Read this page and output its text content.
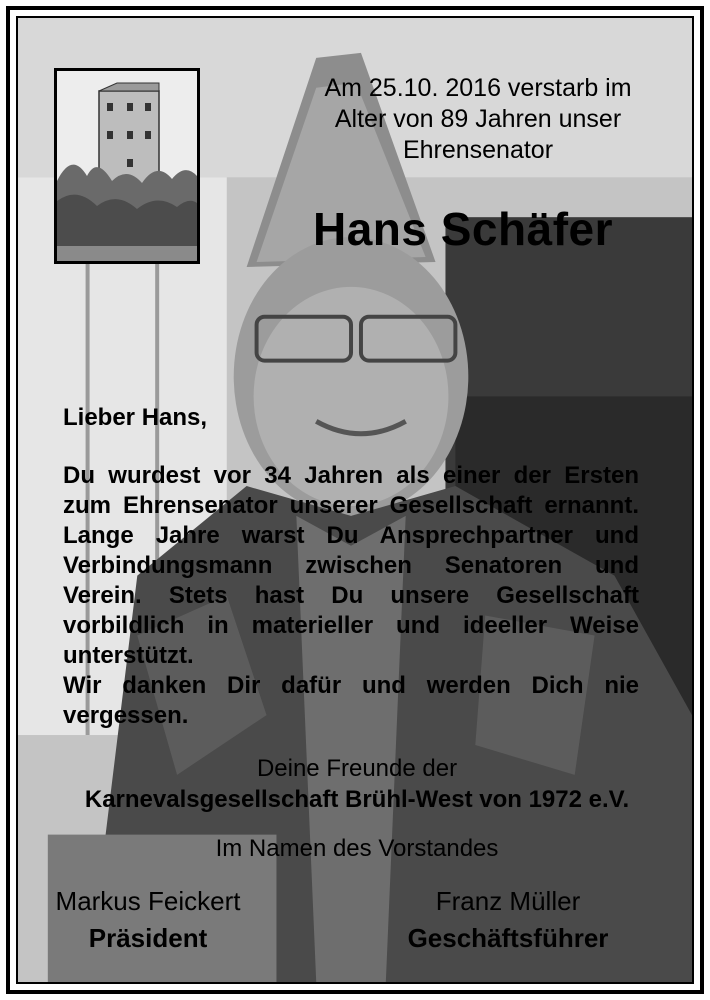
Am 25.10. 2016 verstarb im
Alter von 89 Jahren unser
Ehrensenator
Hans Schäfer
Lieber Hans,

Du wurdest vor 34 Jahren als einer der Ersten zum Ehrensenator unserer Gesellschaft ernannt. Lange Jahre warst Du Ansprechpartner und Verbindungsmann zwischen Senatoren und Verein. Stets hast Du unsere Gesellschaft vorbildlich in materieller und ideeller Weise unterstützt.

Wir danken Dir dafür und werden Dich nie vergessen.

Deine Freunde der
Karnevalsgesellschaft Brühl-West von 1972 e.V.
Im Namen des Vorstandes
Markus Feickert
Präsident
Franz Müller
Geschäftsführer
